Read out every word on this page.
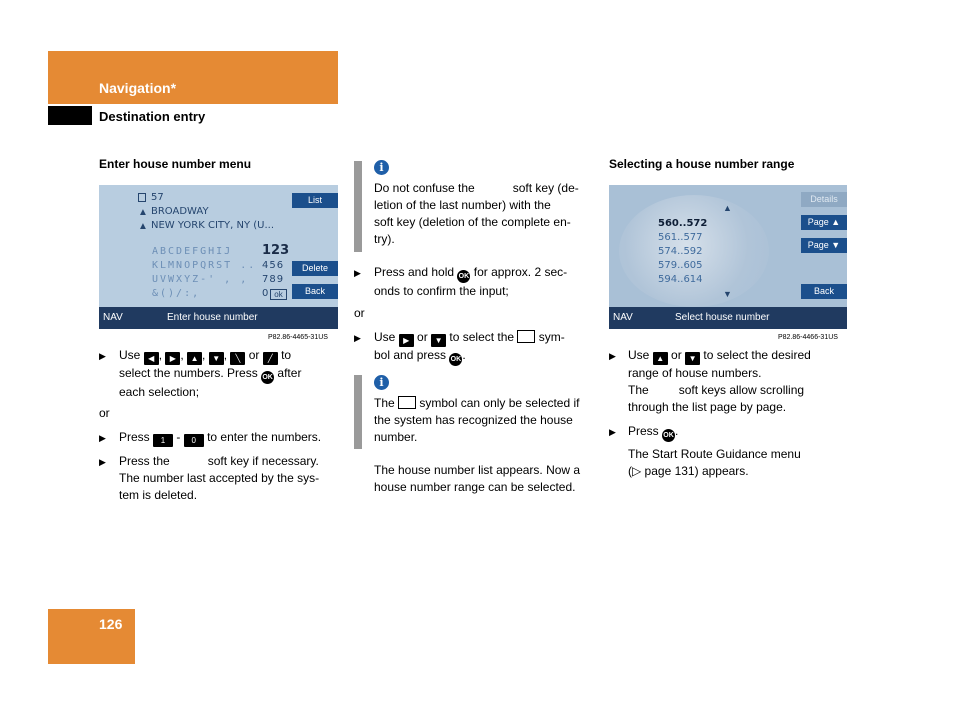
Navigation*
Destination entry
Enter house number menu
57
BROADWAY
NEW YORK CITY, NY (U...
▲
▲
ABCDEFGHIJ
KLMNOPQRST ..
UVWXYZ-' , ,
&()/:,
123
456
789
0 ok
List
Delete
Back
NAV	Enter house number
P82.86-4465-31US
▶ Use ◀ , ▶ , ▲ , ▼ , ╲ or ╱ to
select the numbers. Press OK after
each selection;
or
▶ Press 1 - 0 to enter the numbers.
▶ Press the	soft key if necessary.
The number last accepted by the sys-
tem is deleted.
i
Do not confuse the	soft key (de-
letion of the last number) with the
soft key (deletion of the complete en-
try).
▶ Press and hold OK for approx. 2 sec-
onds to confirm the input;
or
▶ Use ▶ or ▼ to select the sym-
bol and press OK.
i
The symbol can only be selected if
the system has recognized the house
number.
The house number list appears. Now a
house number range can be selected.
Selecting a house number range
▲
560..572
561..577
574..592
579..605
594..614
▼
Details
Page ▲
Page ▼
Back
NAV	Select house number
P82.86-4466-31US
▶ Use ▲ or ▼ to select the desired
range of house numbers.
The	soft keys allow scrolling
through the list page by page.
▶ Press OK.
The Start Route Guidance menu
(▷ page 131) appears.
126
